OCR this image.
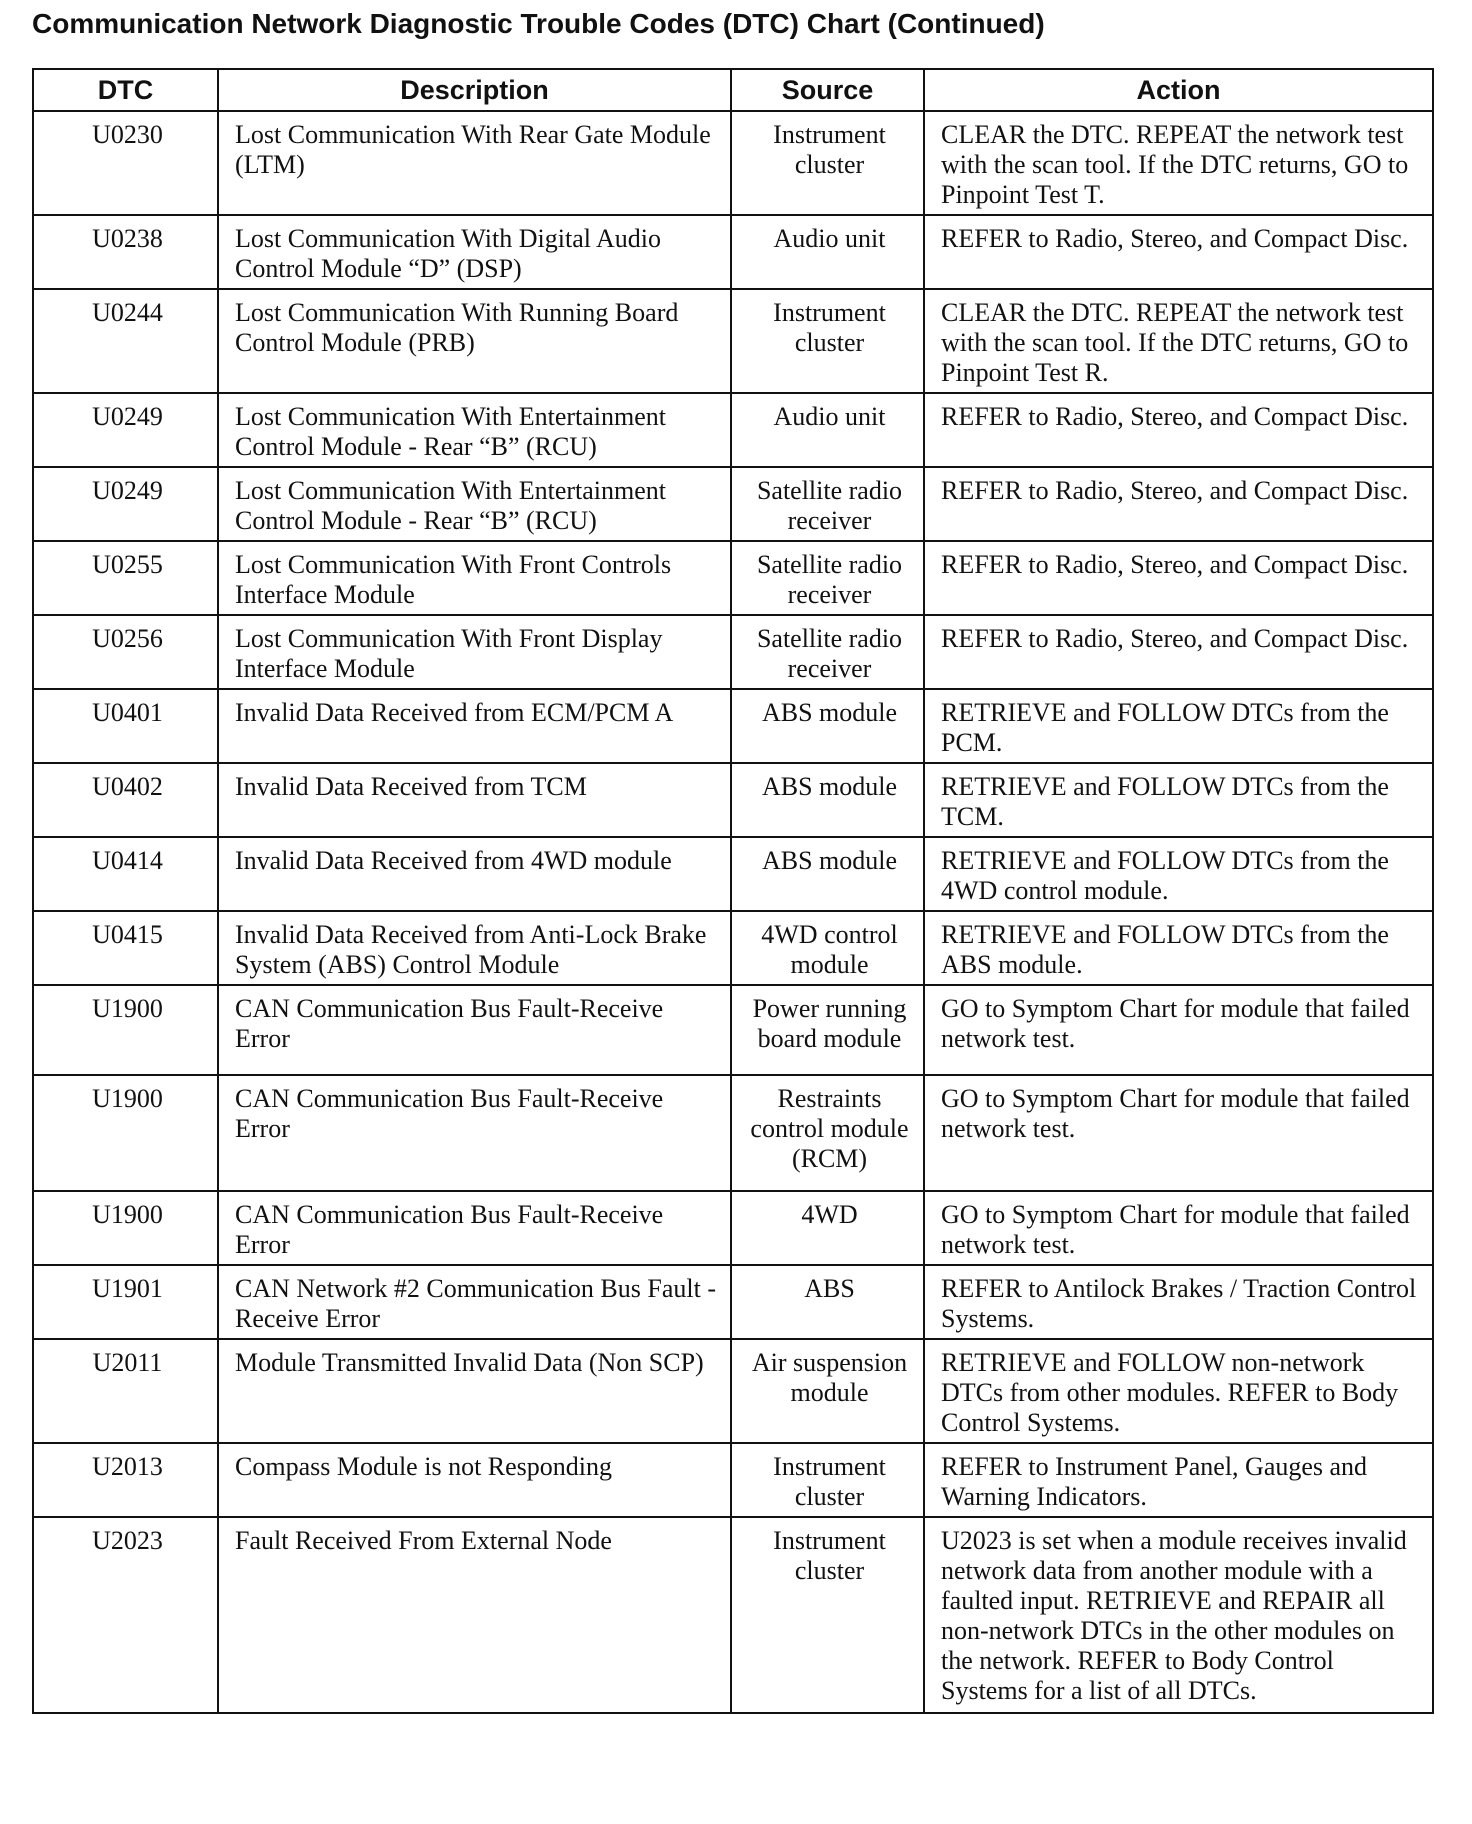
Communication Network Diagnostic Trouble Codes (DTC) Chart (Continued)
DTC	Description	Source	Action
U0230	Lost Communication With Rear Gate Module (LTM)	Instrument cluster	CLEAR the DTC. REPEAT the network test with the scan tool. If the DTC returns, GO to Pinpoint Test T.
U0238	Lost Communication With Digital Audio Control Module “D” (DSP)	Audio unit	REFER to Radio, Stereo, and Compact Disc.
U0244	Lost Communication With Running Board Control Module (PRB)	Instrument cluster	CLEAR the DTC. REPEAT the network test with the scan tool. If the DTC returns, GO to Pinpoint Test R.
U0249	Lost Communication With Entertainment Control Module - Rear “B” (RCU)	Audio unit	REFER to Radio, Stereo, and Compact Disc.
U0249	Lost Communication With Entertainment Control Module - Rear “B” (RCU)	Satellite radio receiver	REFER to Radio, Stereo, and Compact Disc.
U0255	Lost Communication With Front Controls Interface Module	Satellite radio receiver	REFER to Radio, Stereo, and Compact Disc.
U0256	Lost Communication With Front Display Interface Module	Satellite radio receiver	REFER to Radio, Stereo, and Compact Disc.
U0401	Invalid Data Received from ECM/PCM A	ABS module	RETRIEVE and FOLLOW DTCs from the PCM.
U0402	Invalid Data Received from TCM	ABS module	RETRIEVE and FOLLOW DTCs from the TCM.
U0414	Invalid Data Received from 4WD module	ABS module	RETRIEVE and FOLLOW DTCs from the 4WD control module.
U0415	Invalid Data Received from Anti-Lock Brake System (ABS) Control Module	4WD control module	RETRIEVE and FOLLOW DTCs from the ABS module.
U1900	CAN Communication Bus Fault-Receive Error	Power running board module	GO to Symptom Chart for module that failed network test.
U1900	CAN Communication Bus Fault-Receive Error	Restraints control module (RCM)	GO to Symptom Chart for module that failed network test.
U1900	CAN Communication Bus Fault-Receive Error	4WD	GO to Symptom Chart for module that failed network test.
U1901	CAN Network #2 Communication Bus Fault - Receive Error	ABS	REFER to Antilock Brakes / Traction Control Systems.
U2011	Module Transmitted Invalid Data (Non SCP)	Air suspension module	RETRIEVE and FOLLOW non-network DTCs from other modules. REFER to Body Control Systems.
U2013	Compass Module is not Responding	Instrument cluster	REFER to Instrument Panel, Gauges and Warning Indicators.
U2023	Fault Received From External Node	Instrument cluster	U2023 is set when a module receives invalid network data from another module with a faulted input. RETRIEVE and REPAIR all non-network DTCs in the other modules on the network. REFER to Body Control Systems for a list of all DTCs.
